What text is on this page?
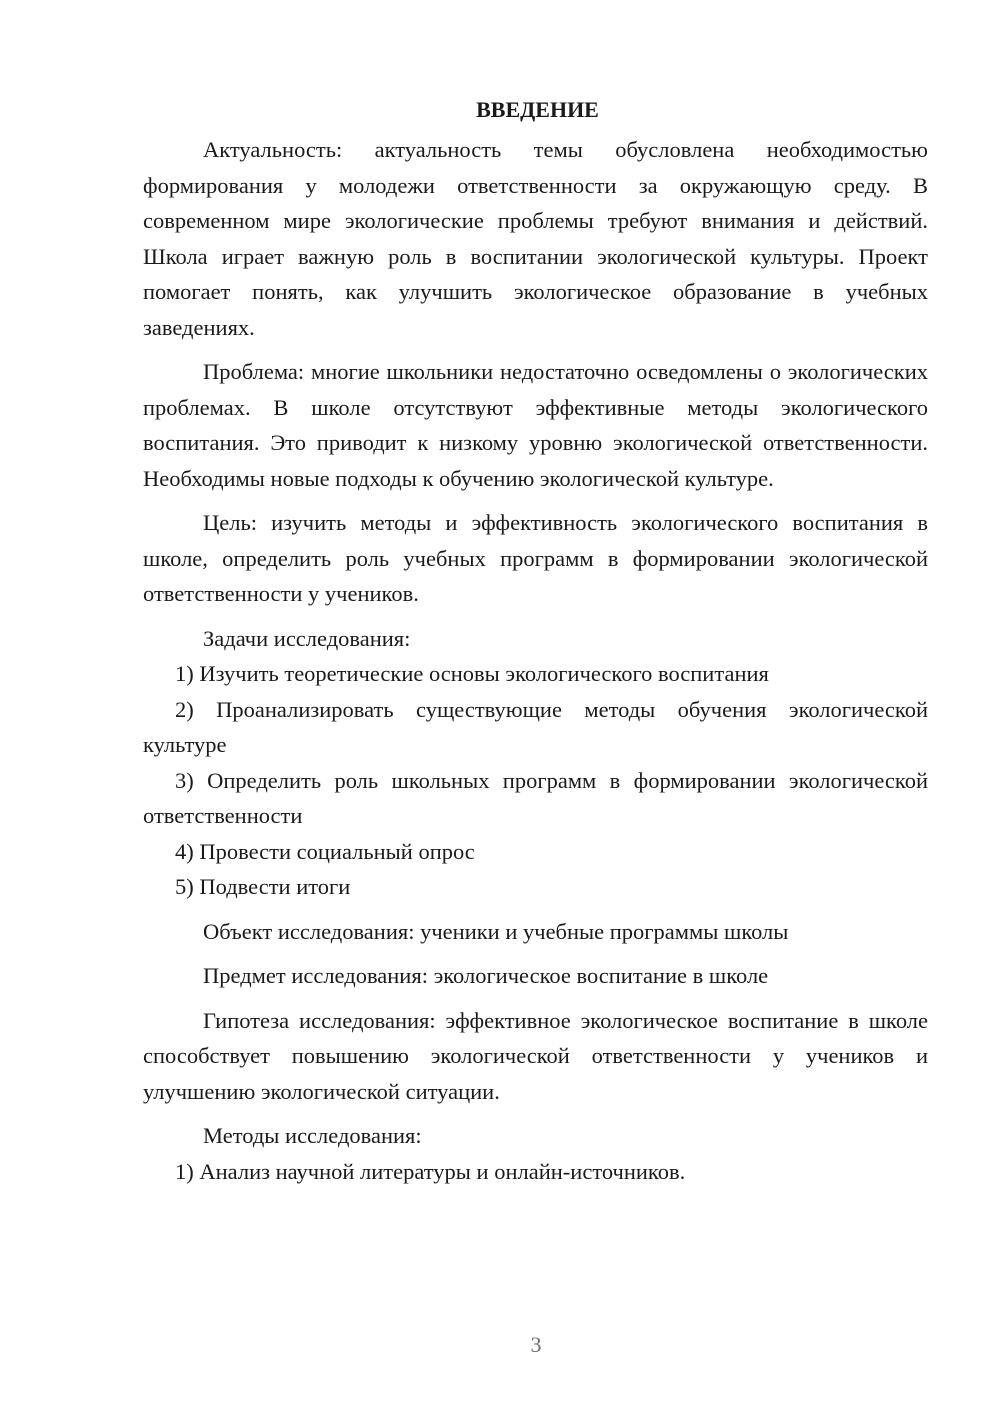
ВВЕДЕНИЕ

Актуальность: актуальность темы обусловлена необходимостью формирования у молодежи ответственности за окружающую среду. В современном мире экологические проблемы требуют внимания и действий. Школа играет важную роль в воспитании экологической культуры. Проект помогает понять, как улучшить экологическое образование в учебных заведениях.

Проблема: многие школьники недостаточно осведомлены о экологических проблемах. В школе отсутствуют эффективные методы экологического воспитания. Это приводит к низкому уровню экологической ответственности. Необходимы новые подходы к обучению экологической культуре.

Цель: изучить методы и эффективность экологического воспитания в школе, определить роль учебных программ в формировании экологической ответственности у учеников.

Задачи исследования:

1) Изучить теоретические основы экологического воспитания

2) Проанализировать существующие методы обучения экологической культуре

3) Определить роль школьных программ в формировании экологической ответственности

4) Провести социальный опрос

5) Подвести итоги

Объект исследования: ученики и учебные программы школы

Предмет исследования: экологическое воспитание в школе

Гипотеза исследования: эффективное экологическое воспитание в школе способствует повышению экологической ответственности у учеников и улучшению экологической ситуации.

Методы исследования:

1) Анализ научной литературы и онлайн-источников.

3
